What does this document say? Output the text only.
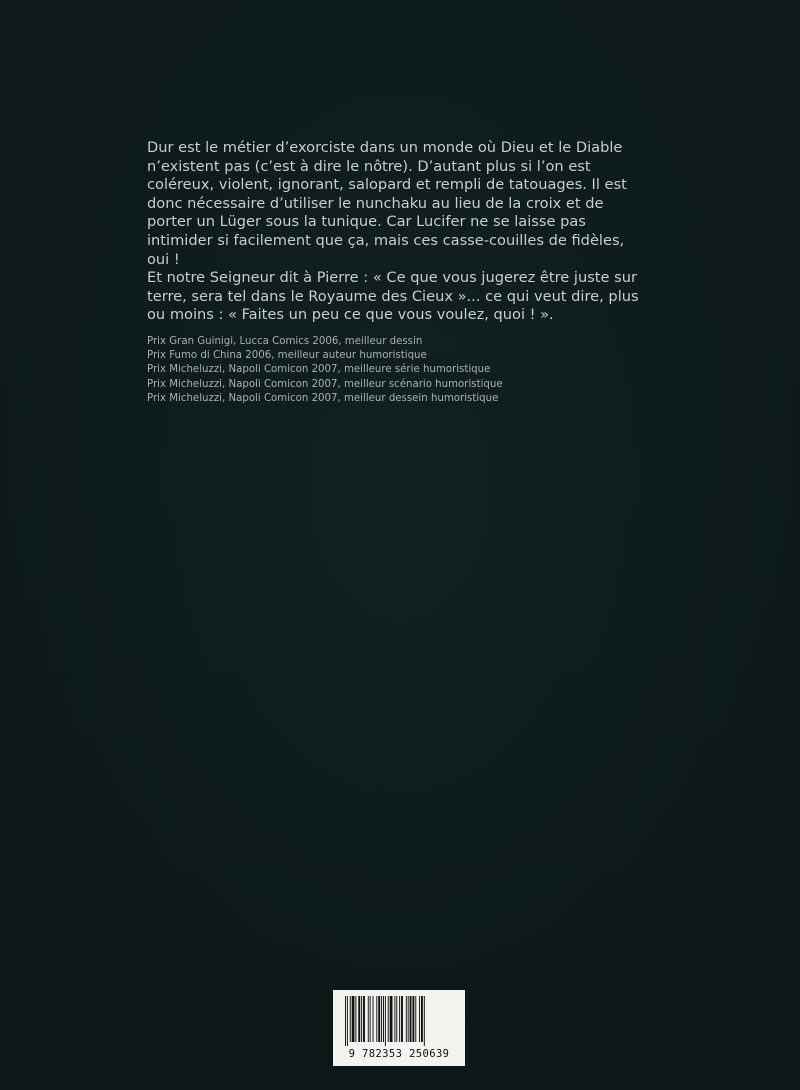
Dur est le métier d’exorciste dans un monde où Dieu et le Diable n’existent pas (c’est à dire le nôtre). D’autant plus si l’on est coléreux, violent, ignorant, salopard et rempli de tatouages. Il est donc nécessaire d’utiliser le nunchaku au lieu de la croix et de porter un Lüger sous la tunique. Car Lucifer ne se laisse pas intimider si facilement que ça, mais ces casse-couilles de fidèles, oui !

Et notre Seigneur dit à Pierre : « Ce que vous jugerez être juste sur terre, sera tel dans le Royaume des Cieux »... ce qui veut dire, plus ou moins : « Faites un peu ce que vous voulez, quoi ! ».

Prix Gran Guinigi, Lucca Comics 2006, meilleur dessin
Prix Fumo di China 2006, meilleur auteur humoristique
Prix Micheluzzi, Napoli Comicon 2007, meilleure série humoristique
Prix Micheluzzi, Napoli Comicon 2007, meilleur scénario humoristique
Prix Micheluzzi, Napoli Comicon 2007, meilleur dessein humoristique
9 782353 250639
